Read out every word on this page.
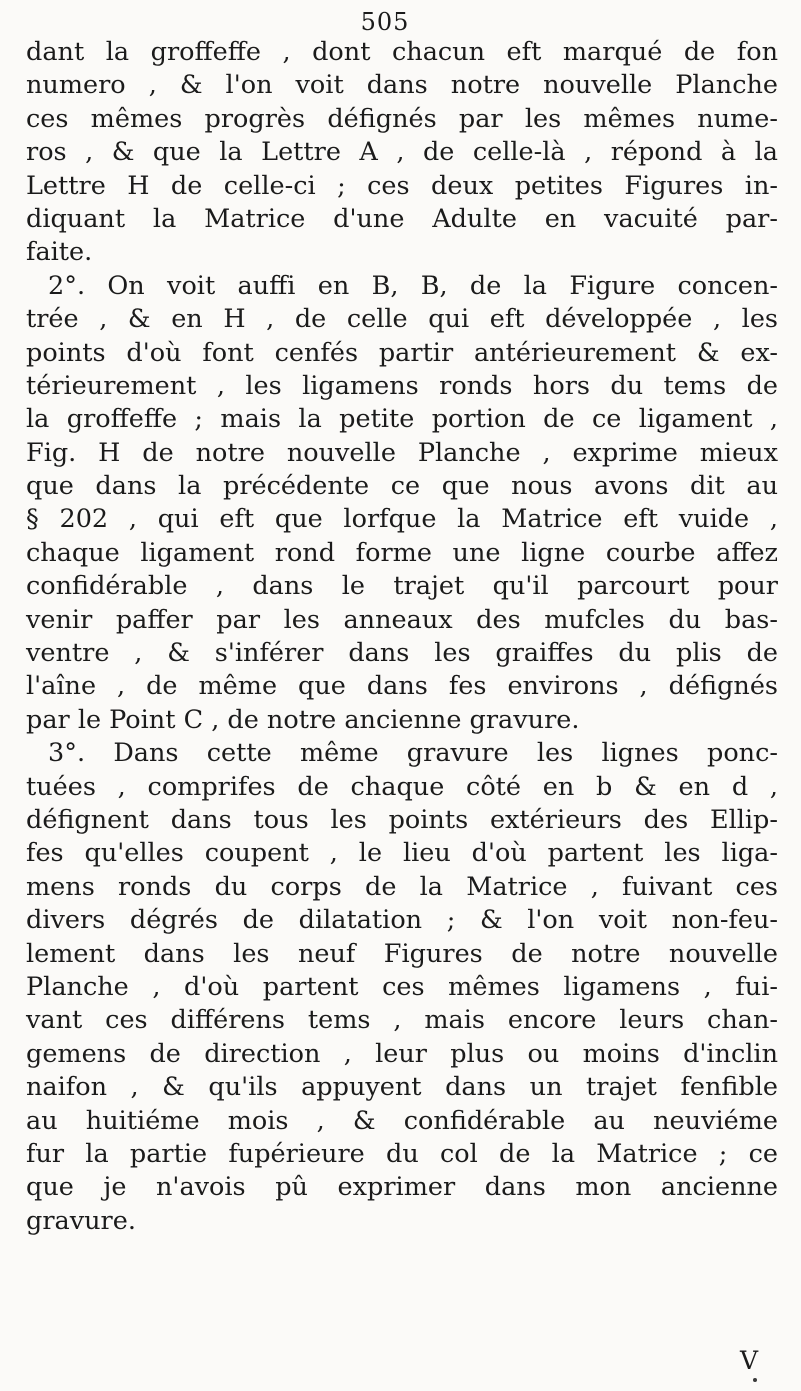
505
dant la groffeffe , dont chacun eft marqué de fon
numero , & l'on voit dans notre nouvelle Planche
ces mêmes progrès défignés par les mêmes nume-
ros , & que la Lettre A , de celle-là , répond à la
Lettre H de celle-ci ; ces deux petites Figures in-
diquant la Matrice d'une Adulte en vacuité par-
faite.
2°. On voit auffi en B, B, de la Figure concen-
trée , & en H , de celle qui eft développée , les
points d'où font cenfés partir antérieurement & ex-
térieurement , les ligamens ronds hors du tems de
la groffeffe ; mais la petite portion de ce ligament ,
Fig. H de notre nouvelle Planche , exprime mieux
que dans la précédente ce que nous avons dit au
§ 202 , qui eft que lorfque la Matrice eft vuide ,
chaque ligament rond forme une ligne courbe affez
confidérable , dans le trajet qu'il parcourt pour
venir paffer par les anneaux des mufcles du bas-
ventre , & s'inférer dans les graiffes du plis de
l'aîne , de même que dans fes environs , défignés
par le Point C , de notre ancienne gravure.
3°. Dans cette même gravure les lignes ponc-
tuées , comprifes de chaque côté en b & en d ,
défignent dans tous les points extérieurs des Ellip-
fes qu'elles coupent , le lieu d'où partent les liga-
mens ronds du corps de la Matrice , fuivant ces
divers dégrés de dilatation ; & l'on voit non-feu-
lement dans les neuf Figures de notre nouvelle
Planche , d'où partent ces mêmes ligamens , fui-
vant ces différens tems , mais encore leurs chan-
gemens de direction , leur plus ou moins d'inclin
naifon , & qu'ils appuyent dans un trajet fenfible
au huitiéme mois , & confidérable au neuviéme
fur la partie fupérieure du col de la Matrice ; ce
que je n'avois pû exprimer dans mon ancienne
gravure.
V
